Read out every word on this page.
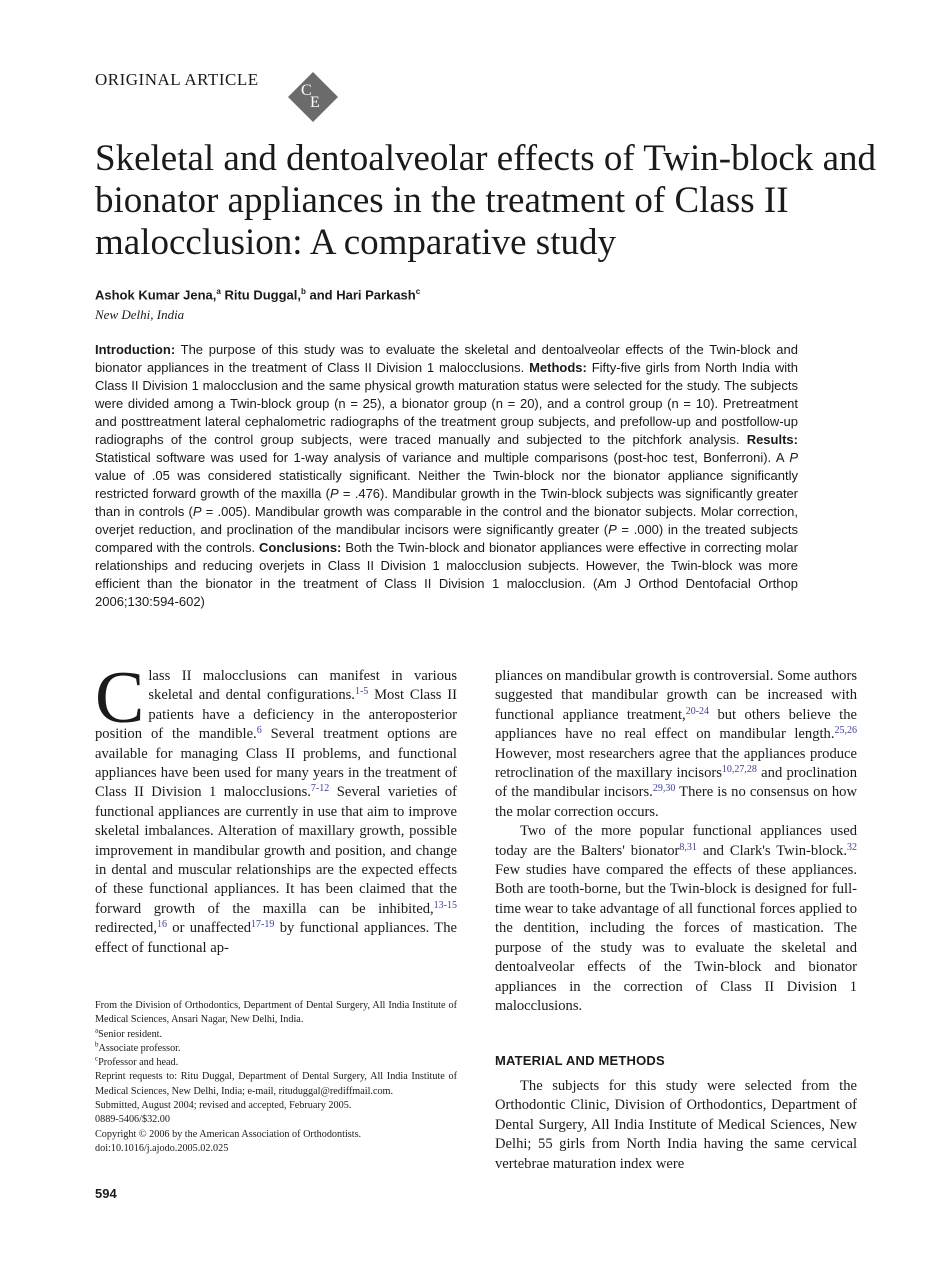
ORIGINAL ARTICLE
C
E
Skeletal and dentoalveolar effects of Twin-block and bionator appliances in the treatment of Class II malocclusion: A comparative study
Ashok Kumar Jena,$^a$ Ritu Duggal,$^b$ and Hari Parkash$^c$
New Delhi, India

Introduction: The purpose of this study was to evaluate the skeletal and dentoalveolar effects of the Twin-block and bionator appliances in the treatment of Class II Division 1 malocclusions. Methods: Fifty-five girls from North India with Class II Division 1 malocclusion and the same physical growth maturation status were selected for the study. The subjects were divided among a Twin-block group (n = 25), a bionator group (n = 20), and a control group (n = 10). Pretreatment and posttreatment lateral cephalometric radiographs of the treatment group subjects, and prefollow-up and postfollow-up radiographs of the control group subjects, were traced manually and subjected to the pitchfork analysis. Results: Statistical software was used for 1-way analysis of variance and multiple comparisons (post-hoc test, Bonferroni). A P value of .05 was considered statistically significant. Neither the Twin-block nor the bionator appliance significantly restricted forward growth of the maxilla (P = .476). Mandibular growth in the Twin-block subjects was significantly greater than in controls (P = .005). Mandibular growth was comparable in the control and the bionator subjects. Molar correction, overjet reduction, and proclination of the mandibular incisors were significantly greater (P = .000) in the treated subjects compared with the controls. Conclusions: Both the Twin-block and bionator appliances were effective in correcting molar relationships and reducing overjets in Class II Division 1 malocclusion subjects. However, the Twin-block was more efficient than the bionator in the treatment of Class II Division 1 malocclusion. (Am J Orthod Dentofacial Orthop 2006;130:594-602)

Class II malocclusions can manifest in various skeletal and dental configurations.$^{1-5}$ Most Class II patients have a deficiency in the anteroposterior position of the mandible.$^6$ Several treatment options are available for managing Class II problems, and functional appliances have been used for many years in the treatment of Class II Division 1 malocclusions.$^{7-12}$ Several varieties of functional appliances are currently in use that aim to improve skeletal imbalances. Alteration of maxillary growth, possible improvement in mandibular growth and position, and change in dental and muscular relationships are the expected effects of these functional appliances. It has been claimed that the forward growth of the maxilla can be inhibited,$^{13-15}$ redirected,$^{16}$ or unaffected$^{17-19}$ by functional appliances. The effect of functional ap-

From the Division of Orthodontics, Department of Dental Surgery, All India Institute of Medical Sciences, Ansari Nagar, New Delhi, India.

$^a$Senior resident.

$^b$Associate professor.

$^c$Professor and head.

Reprint requests to: Ritu Duggal, Department of Dental Surgery, All India Institute of Medical Sciences, New Delhi, India; e-mail, rituduggal@rediffmail.com.

Submitted, August 2004; revised and accepted, February 2005.

0889-5406/$32.00

Copyright © 2006 by the American Association of Orthodontists.

doi:10.1016/j.ajodo.2005.02.025

pliances on mandibular growth is controversial. Some authors suggested that mandibular growth can be increased with functional appliance treatment,$^{20-24}$ but others believe the appliances have no real effect on mandibular length.$^{25,26}$ However, most researchers agree that the appliances produce retroclination of the maxillary incisors$^{10,27,28}$ and proclination of the mandibular incisors.$^{29,30}$ There is no consensus on how the molar correction occurs.

Two of the more popular functional appliances used today are the Balters' bionator$^{8,31}$ and Clark's Twin-block.$^{32}$ Few studies have compared the effects of these appliances. Both are tooth-borne, but the Twin-block is designed for full-time wear to take advantage of all functional forces applied to the dentition, including the forces of mastication. The purpose of the study was to evaluate the skeletal and dentoalveolar effects of the Twin-block and bionator appliances in the correction of Class II Division 1 malocclusions.

MATERIAL AND METHODS

The subjects for this study were selected from the Orthodontic Clinic, Division of Orthodontics, Department of Dental Surgery, All India Institute of Medical Sciences, New Delhi; 55 girls from North India having the same cervical vertebrae maturation index were

594
